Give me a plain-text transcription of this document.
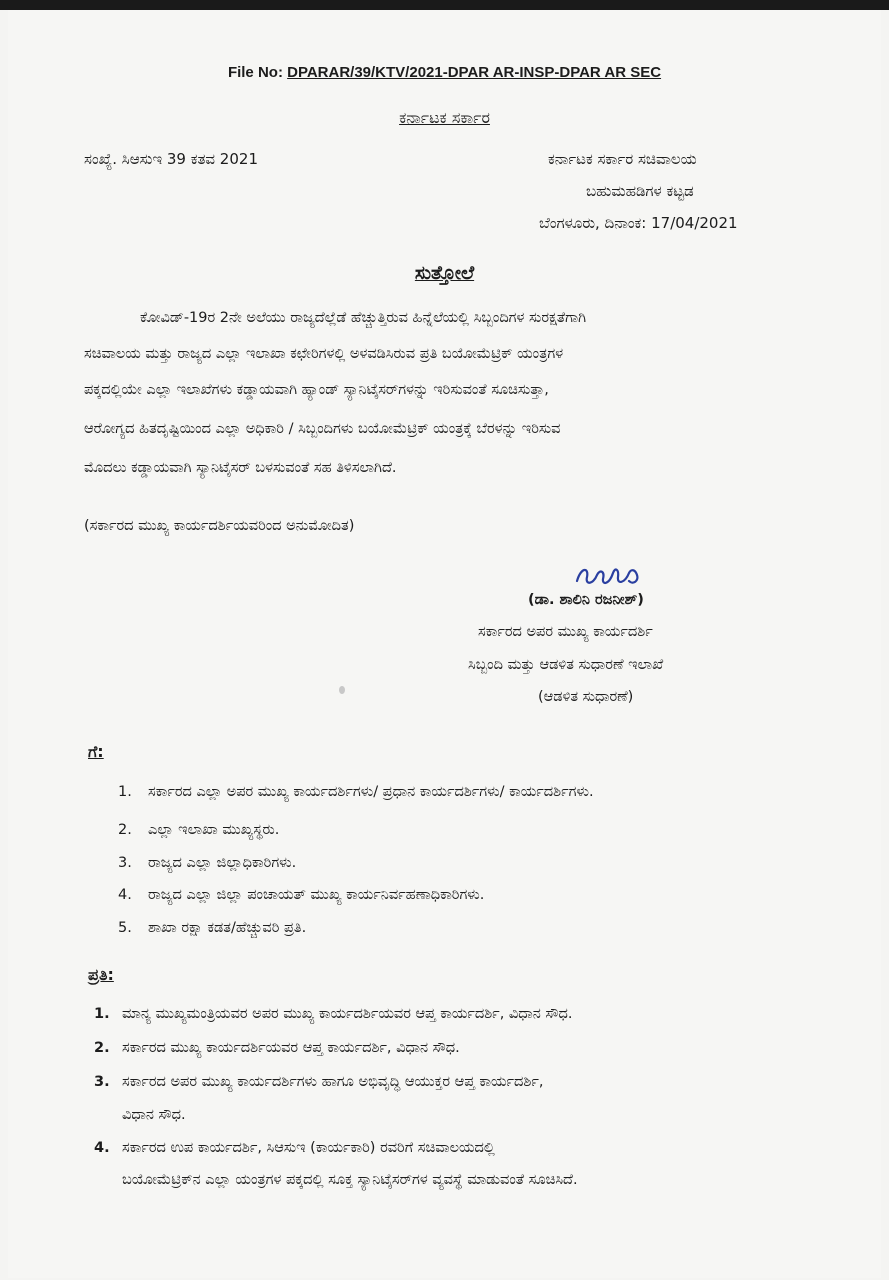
File No: DPARAR/39/KTV/2021-DPAR AR-INSP-DPAR AR SEC
ಕರ್ನಾಟಕ ಸರ್ಕಾರ
ಸಂಖ್ಯೆ. ಸಿಆಸುಇ 39 ಕತವ 2021	ಕರ್ನಾಟಕ ಸರ್ಕಾರ ಸಚಿವಾಲಯ
ಬಹುಮಹಡಿಗಳ ಕಟ್ಟಡ
ಬೆಂಗಳೂರು, ದಿನಾಂಕ: 17/04/2021
ಸುತ್ತೋಲೆ
ಕೋವಿಡ್-19ರ 2ನೇ ಅಲೆಯು ರಾಜ್ಯದೆಲ್ಲೆಡೆ ಹೆಚ್ಚುತ್ತಿರುವ ಹಿನ್ನೆಲೆಯಲ್ಲಿ ಸಿಬ್ಬಂದಿಗಳ ಸುರಕ್ಷತೆಗಾಗಿ
ಸಚಿವಾಲಯ ಮತ್ತು ರಾಜ್ಯದ ಎಲ್ಲಾ ಇಲಾಖಾ ಕಛೇರಿಗಳಲ್ಲಿ ಅಳವಡಿಸಿರುವ ಪ್ರತಿ ಬಯೋಮೆಟ್ರಿಕ್ ಯಂತ್ರಗಳ
ಪಕ್ಕದಲ್ಲಿಯೇ ಎಲ್ಲಾ ಇಲಾಖೆಗಳು ಕಡ್ಡಾಯವಾಗಿ ಹ್ಯಾಂಡ್ ಸ್ಯಾನಿಟೈಸರ್‌ಗಳನ್ನು ಇರಿಸುವಂತೆ ಸೂಚಿಸುತ್ತಾ,
ಆರೋಗ್ಯದ ಹಿತದೃಷ್ಟಿಯಿಂದ ಎಲ್ಲಾ ಅಧಿಕಾರಿ / ಸಿಬ್ಬಂದಿಗಳು ಬಯೋಮೆಟ್ರಿಕ್ ಯಂತ್ರಕ್ಕೆ ಬೆರಳನ್ನು ಇರಿಸುವ
ಮೊದಲು ಕಡ್ಡಾಯವಾಗಿ ಸ್ಯಾನಿಟೈಸರ್ ಬಳಸುವಂತೆ ಸಹ ತಿಳಿಸಲಾಗಿದೆ.
(ಸರ್ಕಾರದ ಮುಖ್ಯ ಕಾರ್ಯದರ್ಶಿಯವರಿಂದ ಅನುಮೋದಿತ)
(ಡಾ. ಶಾಲಿನಿ ರಜನೀಶ್)
ಸರ್ಕಾರದ ಅಪರ ಮುಖ್ಯ ಕಾರ್ಯದರ್ಶಿ
ಸಿಬ್ಬಂದಿ ಮತ್ತು ಆಡಳಿತ ಸುಧಾರಣೆ ಇಲಾಖೆ
(ಆಡಳಿತ ಸುಧಾರಣೆ)
ಗೆ:
1. ಸರ್ಕಾರದ ಎಲ್ಲಾ ಅಪರ ಮುಖ್ಯ ಕಾರ್ಯದರ್ಶಿಗಳು/ ಪ್ರಧಾನ ಕಾರ್ಯದರ್ಶಿಗಳು/ ಕಾರ್ಯದರ್ಶಿಗಳು.
2. ಎಲ್ಲಾ ಇಲಾಖಾ ಮುಖ್ಯಸ್ಥರು.
3. ರಾಜ್ಯದ ಎಲ್ಲಾ ಜಿಲ್ಲಾಧಿಕಾರಿಗಳು.
4. ರಾಜ್ಯದ ಎಲ್ಲಾ ಜಿಲ್ಲಾ ಪಂಚಾಯತ್ ಮುಖ್ಯ ಕಾರ್ಯನಿರ್ವಹಣಾಧಿಕಾರಿಗಳು.
5. ಶಾಖಾ ರಕ್ಷಾ ಕಡತ/ಹೆಚ್ಚುವರಿ ಪ್ರತಿ.
ಪ್ರತಿ:
1. ಮಾನ್ಯ ಮುಖ್ಯಮಂತ್ರಿಯವರ ಅಪರ ಮುಖ್ಯ ಕಾರ್ಯದರ್ಶಿಯವರ ಆಪ್ತ ಕಾರ್ಯದರ್ಶಿ, ವಿಧಾನ ಸೌಧ.
2. ಸರ್ಕಾರದ ಮುಖ್ಯ ಕಾರ್ಯದರ್ಶಿಯವರ ಆಪ್ತ ಕಾರ್ಯದರ್ಶಿ, ವಿಧಾನ ಸೌಧ.
3. ಸರ್ಕಾರದ ಅಪರ ಮುಖ್ಯ ಕಾರ್ಯದರ್ಶಿಗಳು ಹಾಗೂ ಅಭಿವೃದ್ಧಿ ಆಯುಕ್ತರ ಆಪ್ತ ಕಾರ್ಯದರ್ಶಿ,
ವಿಧಾನ ಸೌಧ.
4. ಸರ್ಕಾರದ ಉಪ ಕಾರ್ಯದರ್ಶಿ, ಸಿಆಸುಇ (ಕಾರ್ಯಕಾರಿ) ರವರಿಗೆ ಸಚಿವಾಲಯದಲ್ಲಿ
ಬಯೋಮೆಟ್ರಿಕ್‌ನ ಎಲ್ಲಾ ಯಂತ್ರಗಳ ಪಕ್ಕದಲ್ಲಿ ಸೂಕ್ತ ಸ್ಯಾನಿಟೈಸರ್‌ಗಳ ವ್ಯವಸ್ಥೆ ಮಾಡುವಂತೆ ಸೂಚಿಸಿದೆ.
